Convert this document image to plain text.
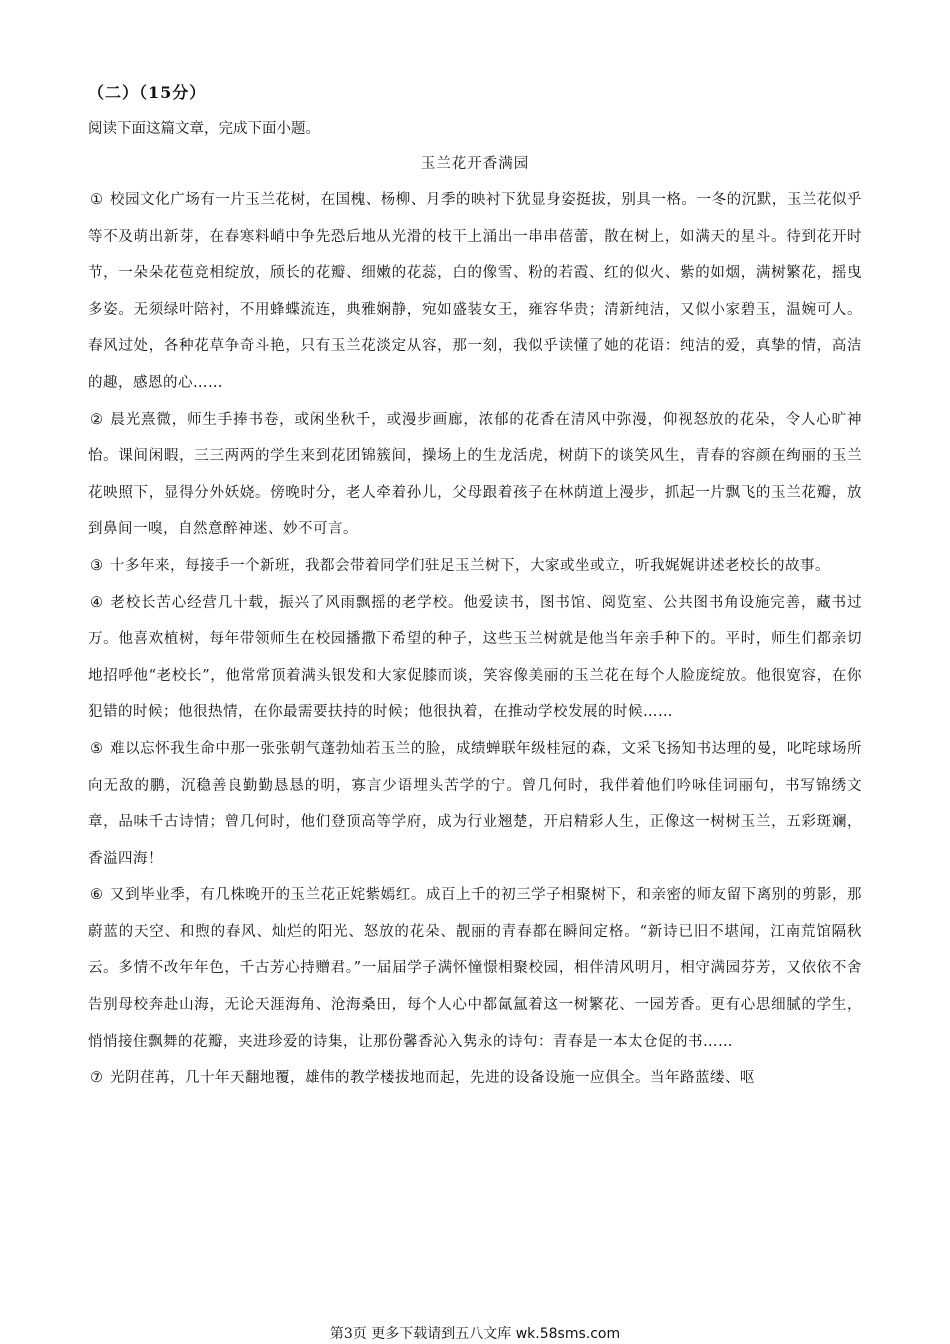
（二）（15分）
阅读下面这篇文章，完成下面小题。
玉兰花开香满园

① 校园文化广场有一片玉兰花树，在国槐、杨柳、月季的映衬下犹显身姿挺拔，别具一格。一冬的沉默，玉兰花似乎等不及萌出新芽，在春寒料峭中争先恐后地从光滑的枝干上涌出一串串蓓蕾，散在树上，如满天的星斗。待到花开时节，一朵朵花苞竞相绽放，颀长的花瓣、细嫩的花蕊，白的像雪、粉的若霞、红的似火、紫的如烟，满树繁花，摇曳多姿。无须绿叶陪衬，不用蜂蝶流连，典雅娴静，宛如盛装女王，雍容华贵；清新纯洁，又似小家碧玉，温婉可人。春风过处，各种花草争奇斗艳，只有玉兰花淡定从容，那一刻，我似乎读懂了她的花语：纯洁的爱，真挚的情，高洁的趣，感恩的心……

② 晨光熹微，师生手捧书卷，或闲坐秋千，或漫步画廊，浓郁的花香在清风中弥漫，仰视怒放的花朵，令人心旷神怡。课间闲暇，三三两两的学生来到花团锦簇间，操场上的生龙活虎，树荫下的谈笑风生，青春的容颜在绚丽的玉兰花映照下，显得分外妖娆。傍晚时分，老人牵着孙儿，父母跟着孩子在林荫道上漫步，抓起一片飘飞的玉兰花瓣，放到鼻间一嗅，自然意醉神迷、妙不可言。

③ 十多年来，每接手一个新班，我都会带着同学们驻足玉兰树下，大家或坐或立，听我娓娓讲述老校长的故事。

④ 老校长苦心经营几十载，振兴了风雨飘摇的老学校。他爱读书，图书馆、阅览室、公共图书角设施完善，藏书过万。他喜欢植树，每年带领师生在校园播撒下希望的种子，这些玉兰树就是他当年亲手种下的。平时，师生们都亲切地招呼他“老校长”，他常常顶着满头银发和大家促膝而谈，笑容像美丽的玉兰花在每个人脸庞绽放。他很宽容，在你犯错的时候；他很热情，在你最需要扶持的时候；他很执着，在推动学校发展的时候……

⑤ 难以忘怀我生命中那一张张朝气蓬勃灿若玉兰的脸，成绩蝉联年级桂冠的森，文采飞扬知书达理的曼，叱咤球场所向无敌的鹏，沉稳善良勤勤恳恳的明，寡言少语埋头苦学的宁。曾几何时，我伴着他们吟咏佳词丽句，书写锦绣文章，品味千古诗情；曾几何时，他们登顶高等学府，成为行业翘楚，开启精彩人生，正像这一树树玉兰，五彩斑斓，香溢四海！

⑥ 又到毕业季，有几株晚开的玉兰花正姹紫嫣红。成百上千的初三学子相聚树下，和亲密的师友留下离别的剪影，那蔚蓝的天空、和煦的春风、灿烂的阳光、怒放的花朵、靓丽的青春都在瞬间定格。“新诗已旧不堪闻，江南荒馆隔秋云。多情不改年年色，千古芳心持赠君。”一届届学子满怀憧憬相聚校园，相伴清风明月，相守满园芬芳，又依依不舍告别母校奔赴山海，无论天涯海角、沧海桑田，每个人心中都氤氲着这一树繁花、一园芳香。更有心思细腻的学生，悄悄接住飘舞的花瓣，夹进珍爱的诗集，让那份馨香沁入隽永的诗句：青春是一本太仓促的书……

⑦ 光阴荏苒，几十年天翻地覆，雄伟的教学楼拔地而起，先进的设备设施一应俱全。当年路蓝缕、呕

第3页 更多下载请到五八文库 wk.58sms.com
